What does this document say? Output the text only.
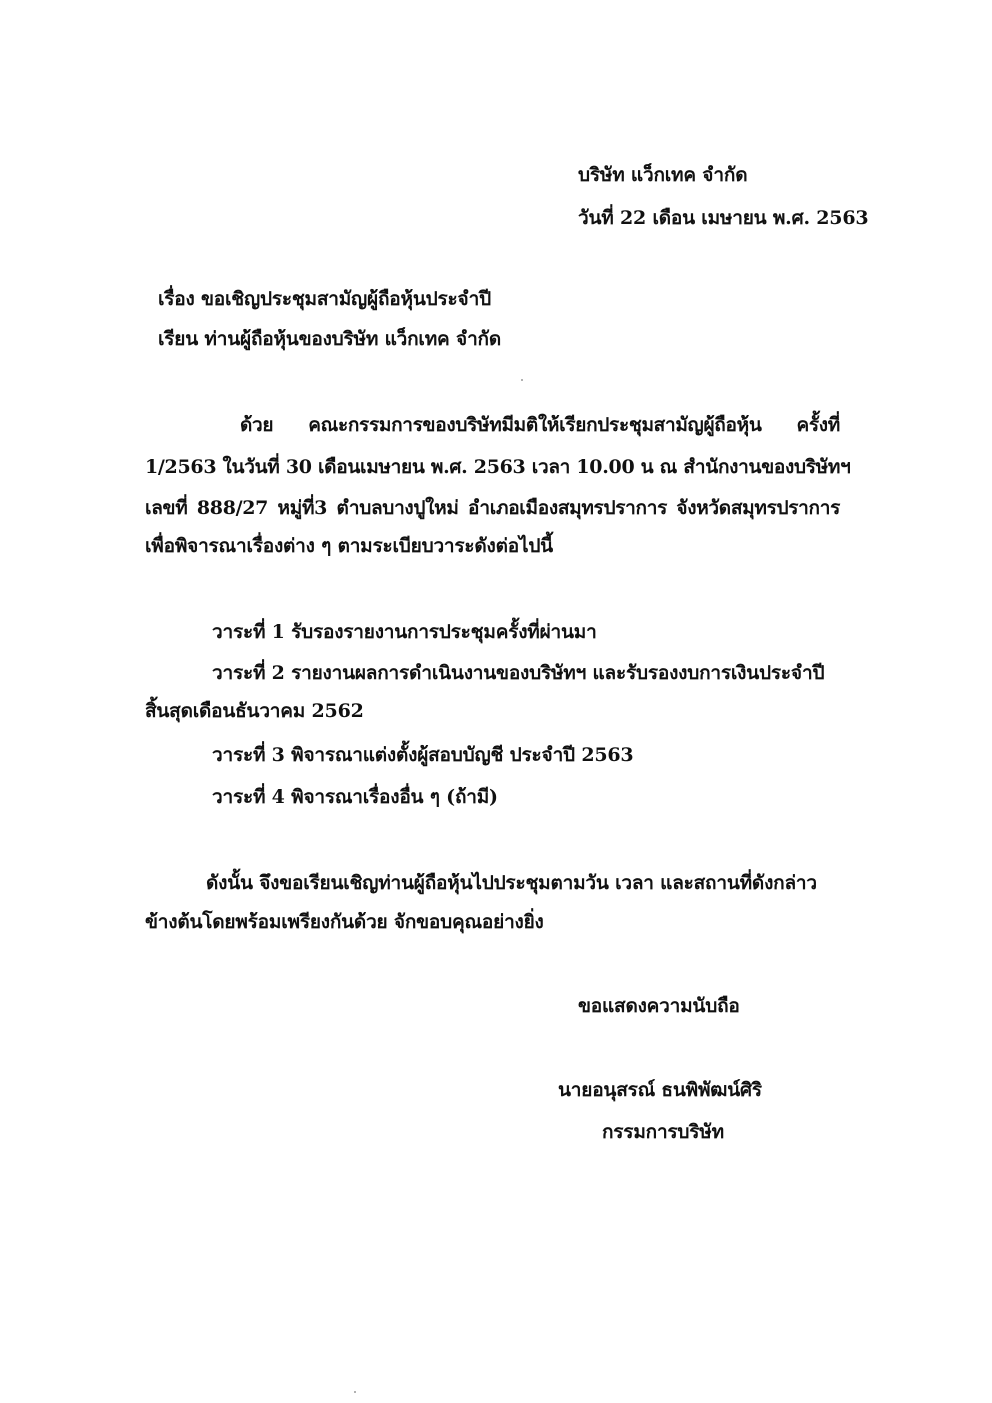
บริษัท แว็กเทค จำกัด
วันที่ 22 เดือน เมษายน พ.ศ. 2563
เรื่อง ขอเชิญประชุมสามัญผู้ถือหุ้นประจำปี
เรียน ท่านผู้ถือหุ้นของบริษัท แว็กเทค จำกัด
ด้วย คณะกรรมการของบริษัทมีมติให้เรียกประชุมสามัญผู้ถือหุ้น ครั้งที่
1/2563 ในวันที่ 30 เดือนเมษายน พ.ศ. 2563 เวลา 10.00 น ณ สำนักงานของบริษัทฯ
เลขที่ 888/27 หมู่ที่3 ตำบลบางปูใหม่ อำเภอเมืองสมุทรปราการ จังหวัดสมุทรปราการ
เพื่อพิจารณาเรื่องต่าง ๆ ตามระเบียบวาระดังต่อไปนี้
วาระที่ 1 รับรองรายงานการประชุมครั้งที่ผ่านมา
วาระที่ 2 รายงานผลการดำเนินงานของบริษัทฯ และรับรองงบการเงินประจำปี
สิ้นสุดเดือนธันวาคม 2562
วาระที่ 3 พิจารณาแต่งตั้งผู้สอบบัญชี ประจำปี 2563
วาระที่ 4 พิจารณาเรื่องอื่น ๆ (ถ้ามี)
ดังนั้น จึงขอเรียนเชิญท่านผู้ถือหุ้นไปประชุมตามวัน เวลา และสถานที่ดังกล่าว
ข้างต้นโดยพร้อมเพรียงกันด้วย จักขอบคุณอย่างยิ่ง
ขอแสดงความนับถือ
นายอนุสรณ์ ธนพิพัฒน์ศิริ
กรรมการบริษัท
